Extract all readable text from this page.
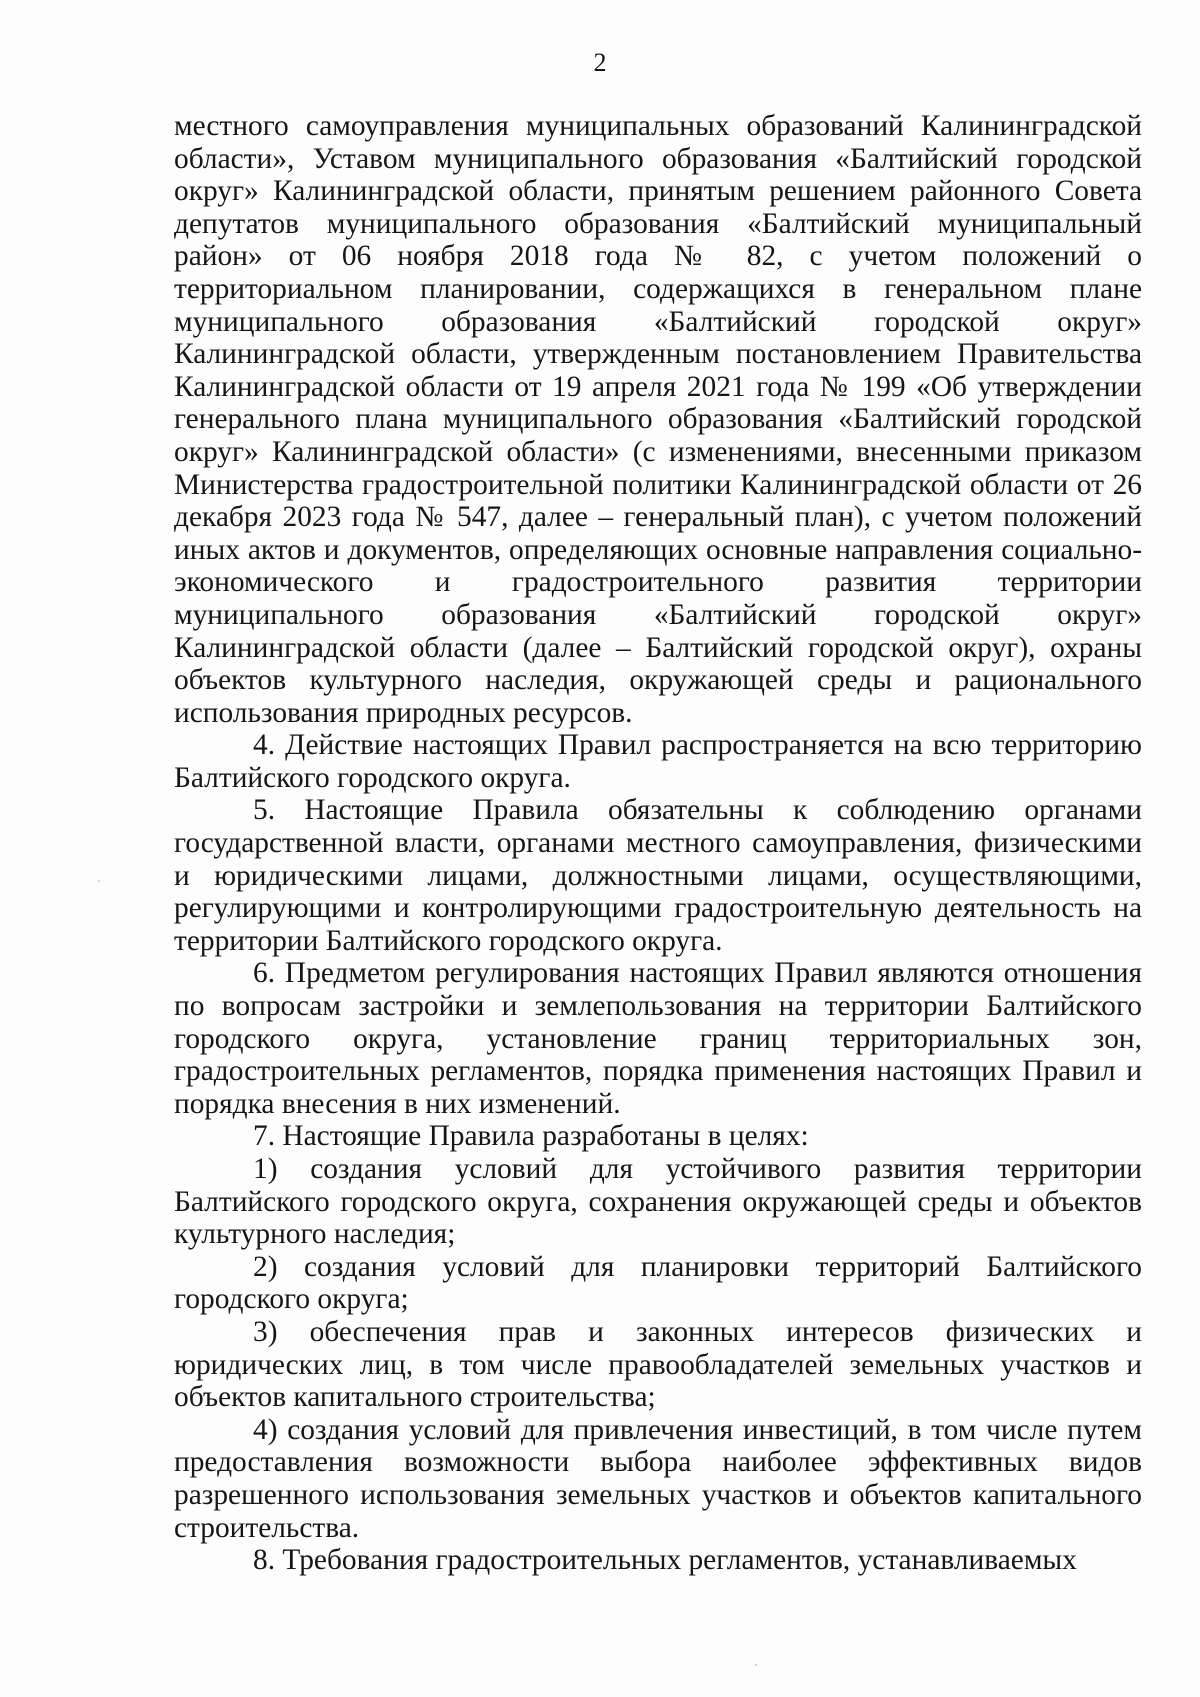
2

местного самоуправления муниципальных образований Калининградской области», Уставом муниципального образования «Балтийский городской округ» Калининградской области, принятым решением районного Совета депутатов муниципального образования «Балтийский муниципальный район» от 06 ноября 2018 года № 82, с учетом положений о территориальном планировании, содержащихся в генеральном плане муниципального образования «Балтийский городской округ» Калининградской области, утвержденным постановлением Правительства Калининградской области от 19 апреля 2021 года № 199 «Об утверждении генерального плана муниципального образования «Балтийский городской округ» Калининградской области» (с изменениями, внесенными приказом Министерства градостроительной политики Калининградской области от 26 декабря 2023 года № 547, далее – генеральный план), с учетом положений иных актов и документов, определяющих основные направления социально-экономического и градостроительного развития территории муниципального образования «Балтийский городской округ» Калининградской области (далее – Балтийский городской округ), охраны объектов культурного наследия, окружающей среды и рационального использования природных ресурсов.

4. Действие настоящих Правил распространяется на всю территорию Балтийского городского округа.

5. Настоящие Правила обязательны к соблюдению органами государственной власти, органами местного самоуправления, физическими и юридическими лицами, должностными лицами, осуществляющими, регулирующими и контролирующими градостроительную деятельность на территории Балтийского городского округа.

6. Предметом регулирования настоящих Правил являются отношения по вопросам застройки и землепользования на территории Балтийского городского округа, установление границ территориальных зон, градостроительных регламентов, порядка применения настоящих Правил и порядка внесения в них изменений.

7. Настоящие Правила разработаны в целях:

1) создания условий для устойчивого развития территории Балтийского городского округа, сохранения окружающей среды и объектов культурного наследия;

2) создания условий для планировки территорий Балтийского городского округа;

3) обеспечения прав и законных интересов физических и юридических лиц, в том числе правообладателей земельных участков и объектов капитального строительства;

4) создания условий для привлечения инвестиций, в том числе путем предоставления возможности выбора наиболее эффективных видов разрешенного использования земельных участков и объектов капитального строительства.

8. Требования градостроительных регламентов, устанавливаемых
